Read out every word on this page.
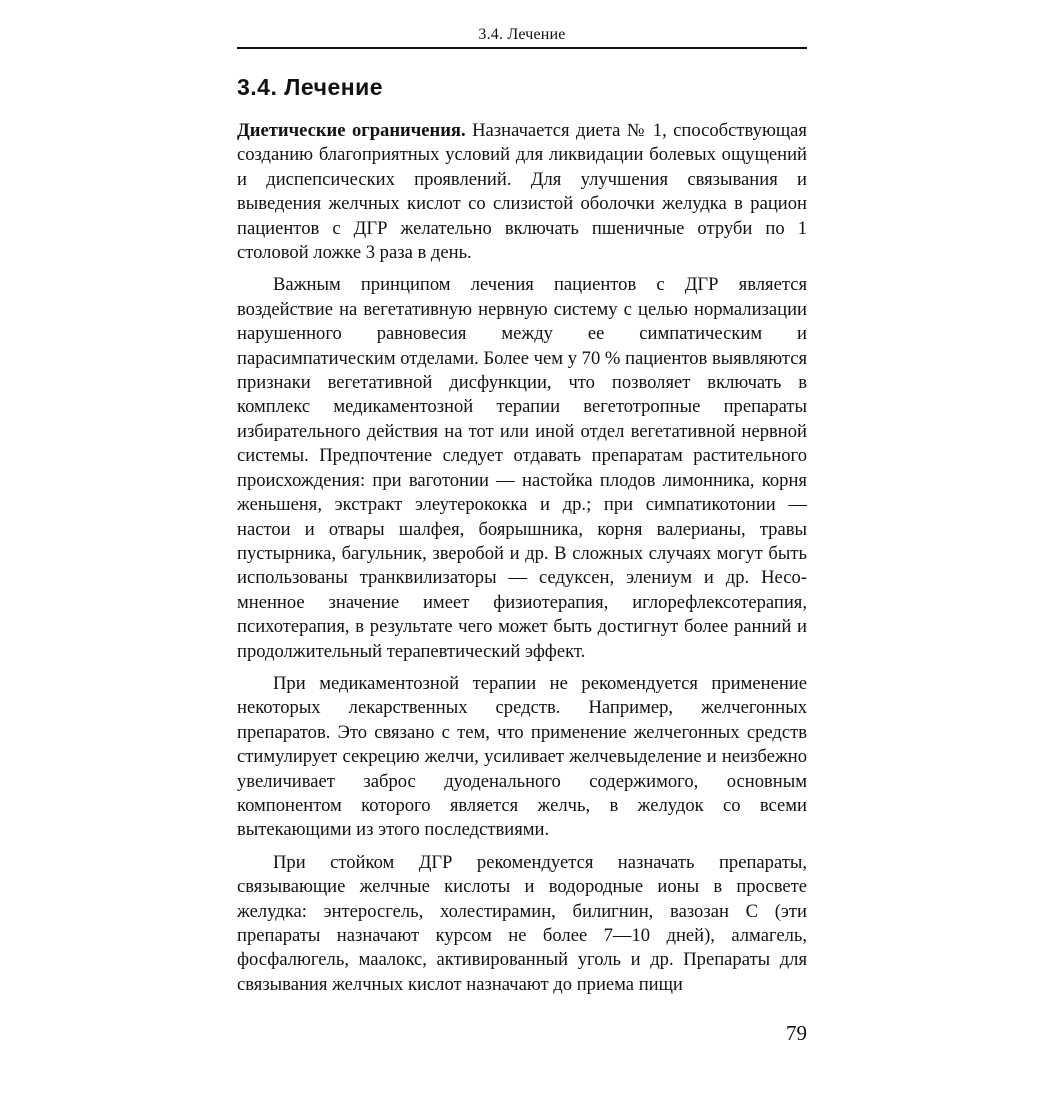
3.4. Лечение
3.4. Лечение

Диетические ограничения. Назначается диета № 1, способствующая созданию благоприятных условий для ликвидации болевых ощущений и диспепсических проявлений. Для улучшения связывания и выведения желчных кислот со слизистой оболочки желудка в рацион пациентов с ДГР желательно включать пшеничные отруби по 1 столовой ложке 3 раза в день.

Важным принципом лечения пациентов с ДГР является воздействие на вегетативную нервную систему с целью нормализации нарушенного равновесия между ее симпатическим и парасимпатическим отделами. Более чем у 70 % пациентов выявляются признаки вегетативной дисфункции, что позволяет включать в комплекс медикаментозной терапии вегетотропные препараты избирательного действия на тот или иной отдел вегетативной нервной системы. Предпочтение следует отдавать препаратам растительного происхождения: при ваготонии — настойка плодов лимонника, корня женьшеня, экстракт элеутерококка и др.; при симпатикотонии — настои и отвары шалфея, боярышника, корня валерианы, травы пустырника, багульник, зверобой и др. В сложных случаях могут быть использованы транквилизаторы — седуксен, элениум и др. Несомненное значение имеет физиотерапия, иглорефлексотерапия, психотерапия, в результате чего может быть достигнут более ранний и продолжительный терапевтический эффект.

При медикаментозной терапии не рекомендуется применение некоторых лекарственных средств. Например, желчегонных препаратов. Это связано с тем, что применение желчегонных средств стимулирует секрецию желчи, усиливает желчевыделение и неизбежно увеличивает заброс дуоденального содержимого, основным компонентом которого является желчь, в желудок со всеми вытекающими из этого последствиями.

При стойком ДГР рекомендуется назначать препараты, связывающие желчные кислоты и водородные ионы в просвете желудка: энтеросгель, холестирамин, билигнин, вазозан С (эти препараты назначают курсом не более 7—10 дней), алмагель, фосфалюгель, маалокс, активированный уголь и др. Препараты для связывания желчных кислот назначают до приема пищи

79
